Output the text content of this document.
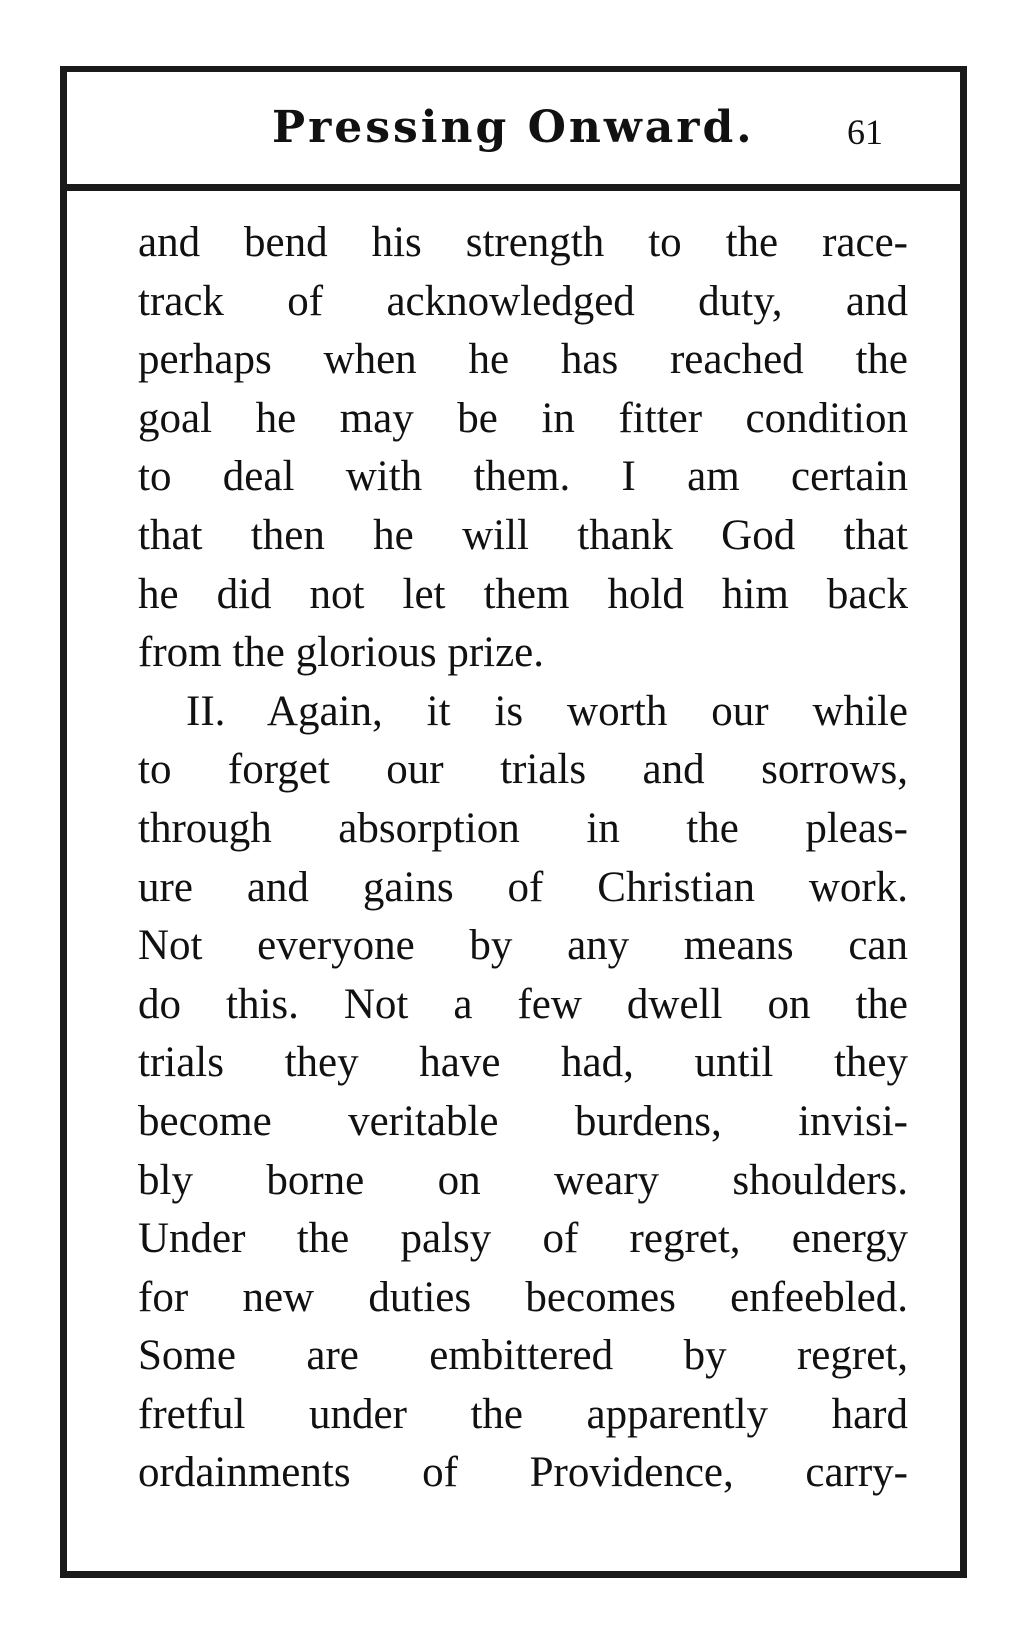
Pressing Onward.	61
and bend his strength to the race-
track of acknowledged duty, and
perhaps when he has reached the
goal he may be in fitter condition
to deal with them. I am certain
that then he will thank God that
he did not let them hold him back
from the glorious prize.
II. Again, it is worth our while
to forget our trials and sorrows,
through absorption in the pleas-
ure and gains of Christian work.
Not everyone by any means can
do this. Not a few dwell on the
trials they have had, until they
become veritable burdens, invisi-
bly borne on weary shoulders.
Under the palsy of regret, energy
for new duties becomes enfeebled.
Some are embittered by regret,
fretful under the apparently hard
ordainments of Providence, carry-
